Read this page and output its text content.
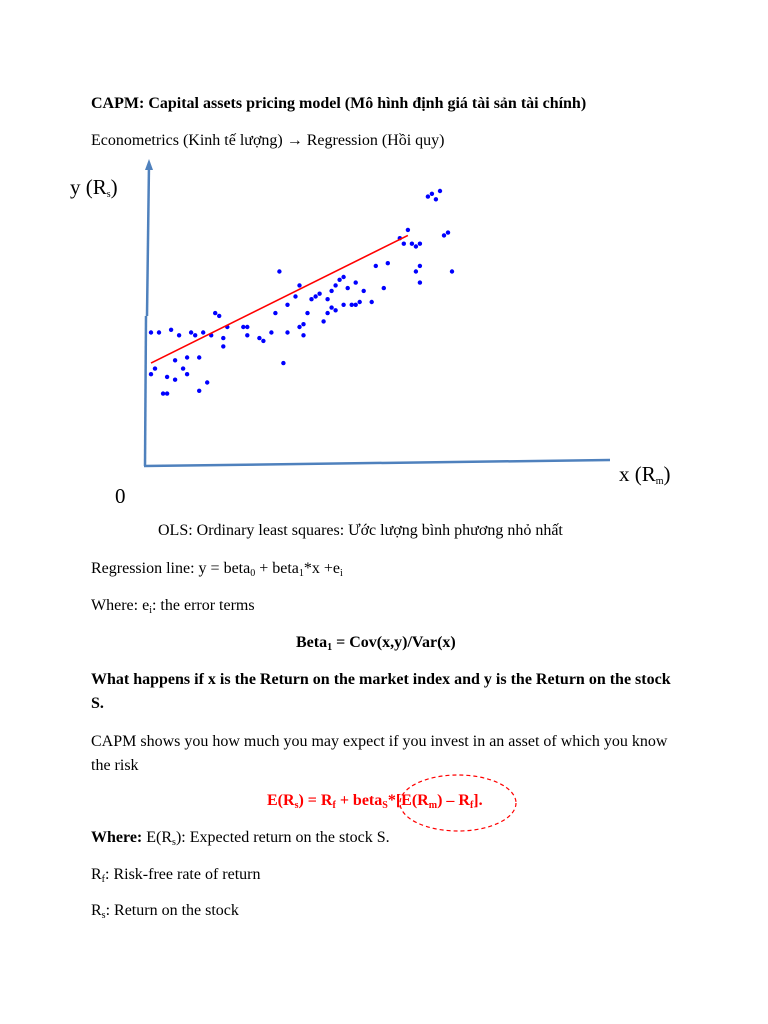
CAPM: Capital assets pricing model (Mô hình định giá tài sản tài chính)
Econometrics (Kinh tế lượng) → Regression (Hồi quy)
y $(R_s)$
x $(R_m)$
0
OLS: Ordinary least squares: Ước lượng bình phương nhỏ nhất
Regression line: y = beta$_0$ + beta$_1$*x $+e_i$
Where: $e_i$: the error terms
Beta$_1$ = Cov(x,y)/Var(x)
What happens if x is the Return on the market index and y is the Return on the stock S.
CAPM shows you how much you may expect if you invest in an asset of which you know the risk
$E(R_s) = R_f$ + $beta_S*[E(R_m) - R_f]$.
Where: $E(R_s)$: Expected return on the stock S.
$R_f$: Risk-free rate of return
$R_s$: Return on the stock
